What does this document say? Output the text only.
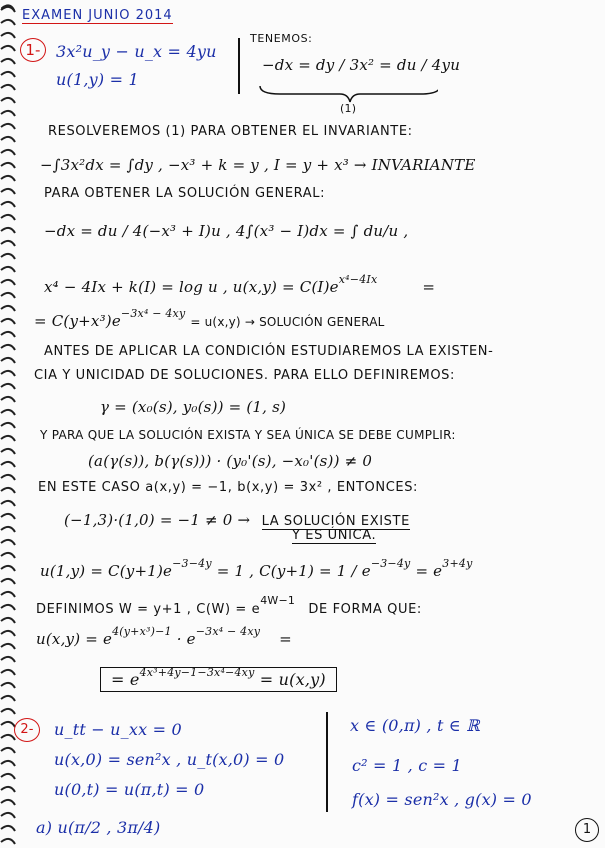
EXAMEN JUNIO 2014
1- 3x²u_y − u_x = 4yu
u(1,y) = 1
TENEMOS:
−dx = dy / 3x² = du / 4yu
(1)
RESOLVEREMOS (1) PARA OBTENER EL INVARIANTE:
−∫3x²dx = ∫dy , −x³ + k = y , I = y + x³ → INVARIANTE
PARA OBTENER LA SOLUCIÓN GENERAL:
−dx = du / 4(−x³ + I)u , 4∫(x³ − I)dx = ∫ du/u ,
x⁴ − 4Ix + k(I) = log u , $u(x,y) = C(I)e^{x^4-4Ix}$	=
= $C(y+x^3)e^{-3x^4 - 4xy} = u(x,y)$ → SOLUCIÓN GENERAL
ANTES DE APLICAR LA CONDICIÓN ESTUDIAREMOS LA EXISTEN-
CIA Y UNICIDAD DE SOLUCIONES. PARA ELLO DEFINIREMOS:
γ = (x₀(s), y₀(s)) = (1, s)
Y PARA QUE LA SOLUCIÓN EXISTA Y SEA ÚNICA SE DEBE CUMPLIR:
(a(γ(s)), b(γ(s))) · (y₀'(s), −x₀'(s)) ≠ 0
EN ESTE CASO a(x,y) = −1, b(x,y) = 3x² , ENTONCES:
(−1,3)·(1,0) = −1 ≠ 0 → LA SOLUCIÓN EXISTE
Y ES ÚNICA.
$u(1,y) = C(y+1)e^{-3-4y} = 1$ , $C(y+1) = 1 / e^{-3-4y} = e^{3+4y}$
DEFINIMOS W = y+1 , $C(W) = e^{4W-1}$ DE FORMA QUE:
$u(x,y) = e^{4(y+x^3)-1} \cdot e^{-3x^4 - 4xy}$ =
= $e^{4x^3+4y-1-3x^4-4xy} = u(x,y)$
2-	u_tt − u_xx = 0
u(x,0) = sen²x , u_t(x,0) = 0
u(0,t) = u(π,t) = 0
x ∈ (0,π) , t ∈ ℝ
c² = 1 , c = 1
f(x) = sen²x , g(x) = 0
a) u(π/2 , 3π/4)	1
